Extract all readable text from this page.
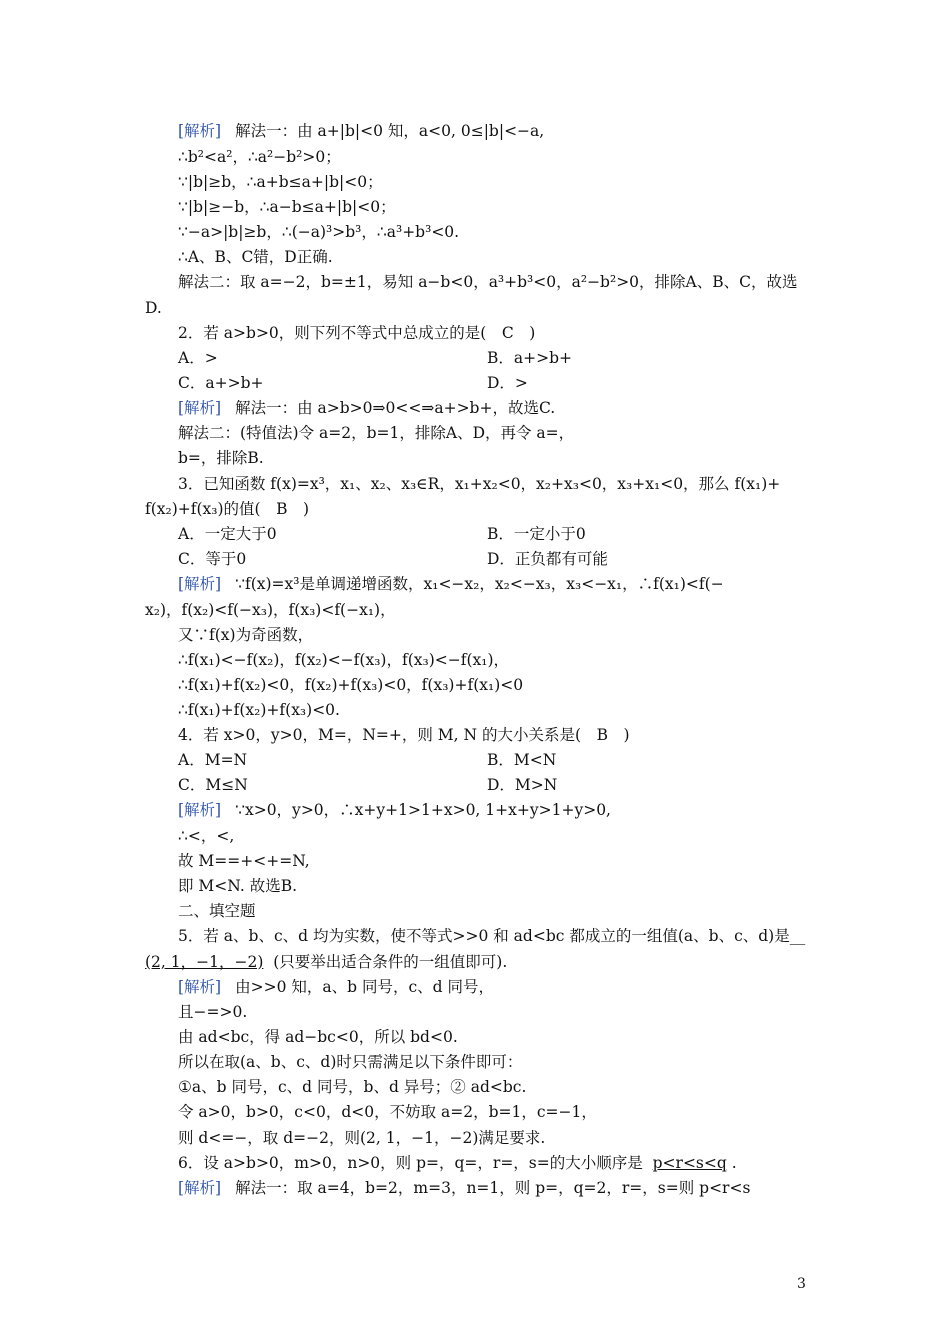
[解析] 解法一：由 a+|b|<0 知，a<0, 0≤|b|<−a,
∴b²<a²，∴a²−b²>0；
∵|b|≥b，∴a+b≤a+|b|<0；
∵|b|≥−b，∴a−b≤a+|b|<0；
∵−a>|b|≥b，∴(−a)³>b³，∴a³+b³<0.
∴A、B、C错，D正确.
解法二：取 a=−2，b=±1，易知 a−b<0，a³+b³<0，a²−b²>0，排除A、B、C，故选
D.
2．若 a>b>0，则下列不等式中总成立的是(　C　)
A．>	B．a+>b+
C．a+>b+	D．>
[解析] 解法一：由 a>b>0⇒0<<⇒a+>b+，故选C.
解法二：(特值法)令 a=2，b=1，排除A、D，再令 a=，
b=，排除B.
3．已知函数 f(x)=x³，x₁、x₂、x₃∈R，x₁+x₂<0，x₂+x₃<0，x₃+x₁<0，那么 f(x₁)+
f(x₂)+f(x₃)的值(　B　)
A．一定大于0	B．一定小于0
C．等于0	D．正负都有可能
[解析] ∵f(x)=x³是单调递增函数，x₁<−x₂，x₂<−x₃，x₃<−x₁，∴f(x₁)<f(−
x₂)，f(x₂)<f(−x₃)，f(x₃)<f(−x₁)，
又∵f(x)为奇函数，
∴f(x₁)<−f(x₂)，f(x₂)<−f(x₃)，f(x₃)<−f(x₁)，
∴f(x₁)+f(x₂)<0，f(x₂)+f(x₃)<0，f(x₃)+f(x₁)<0
∴f(x₁)+f(x₂)+f(x₃)<0.
4．若 x>0，y>0，M=，N=+，则 M, N 的大小关系是(　B　)
A．M=N	B．M<N
C．M≤N	D．M>N
[解析] ∵x>0，y>0，∴x+y+1>1+x>0, 1+x+y>1+y>0,
∴<，<,
故 M==+<+=N,
即 M<N. 故选B.
二、填空题
5．若 a、b、c、d 均为实数，使不等式>>0 和 ad<bc 都成立的一组值(a、b、c、d)是__
(2, 1，−1，−2) (只要举出适合条件的一组值即可).
[解析] 由>>0 知，a、b 同号，c、d 同号，
且−=>0.
由 ad<bc，得 ad−bc<0，所以 bd<0.
所以在取(a、b、c、d)时只需满足以下条件即可：
①a、b 同号，c、d 同号，b、d 异号；② ad<bc.
令 a>0，b>0，c<0，d<0，不妨取 a=2，b=1，c=−1，
则 d<=−，取 d=−2，则(2, 1，−1，−2)满足要求.
6．设 a>b>0，m>0，n>0，则 p=，q=，r=，s=的大小顺序是 p<r<s<q .
[解析] 解法一：取 a=4，b=2，m=3，n=1，则 p=，q=2，r=，s=则 p<r<s
3
